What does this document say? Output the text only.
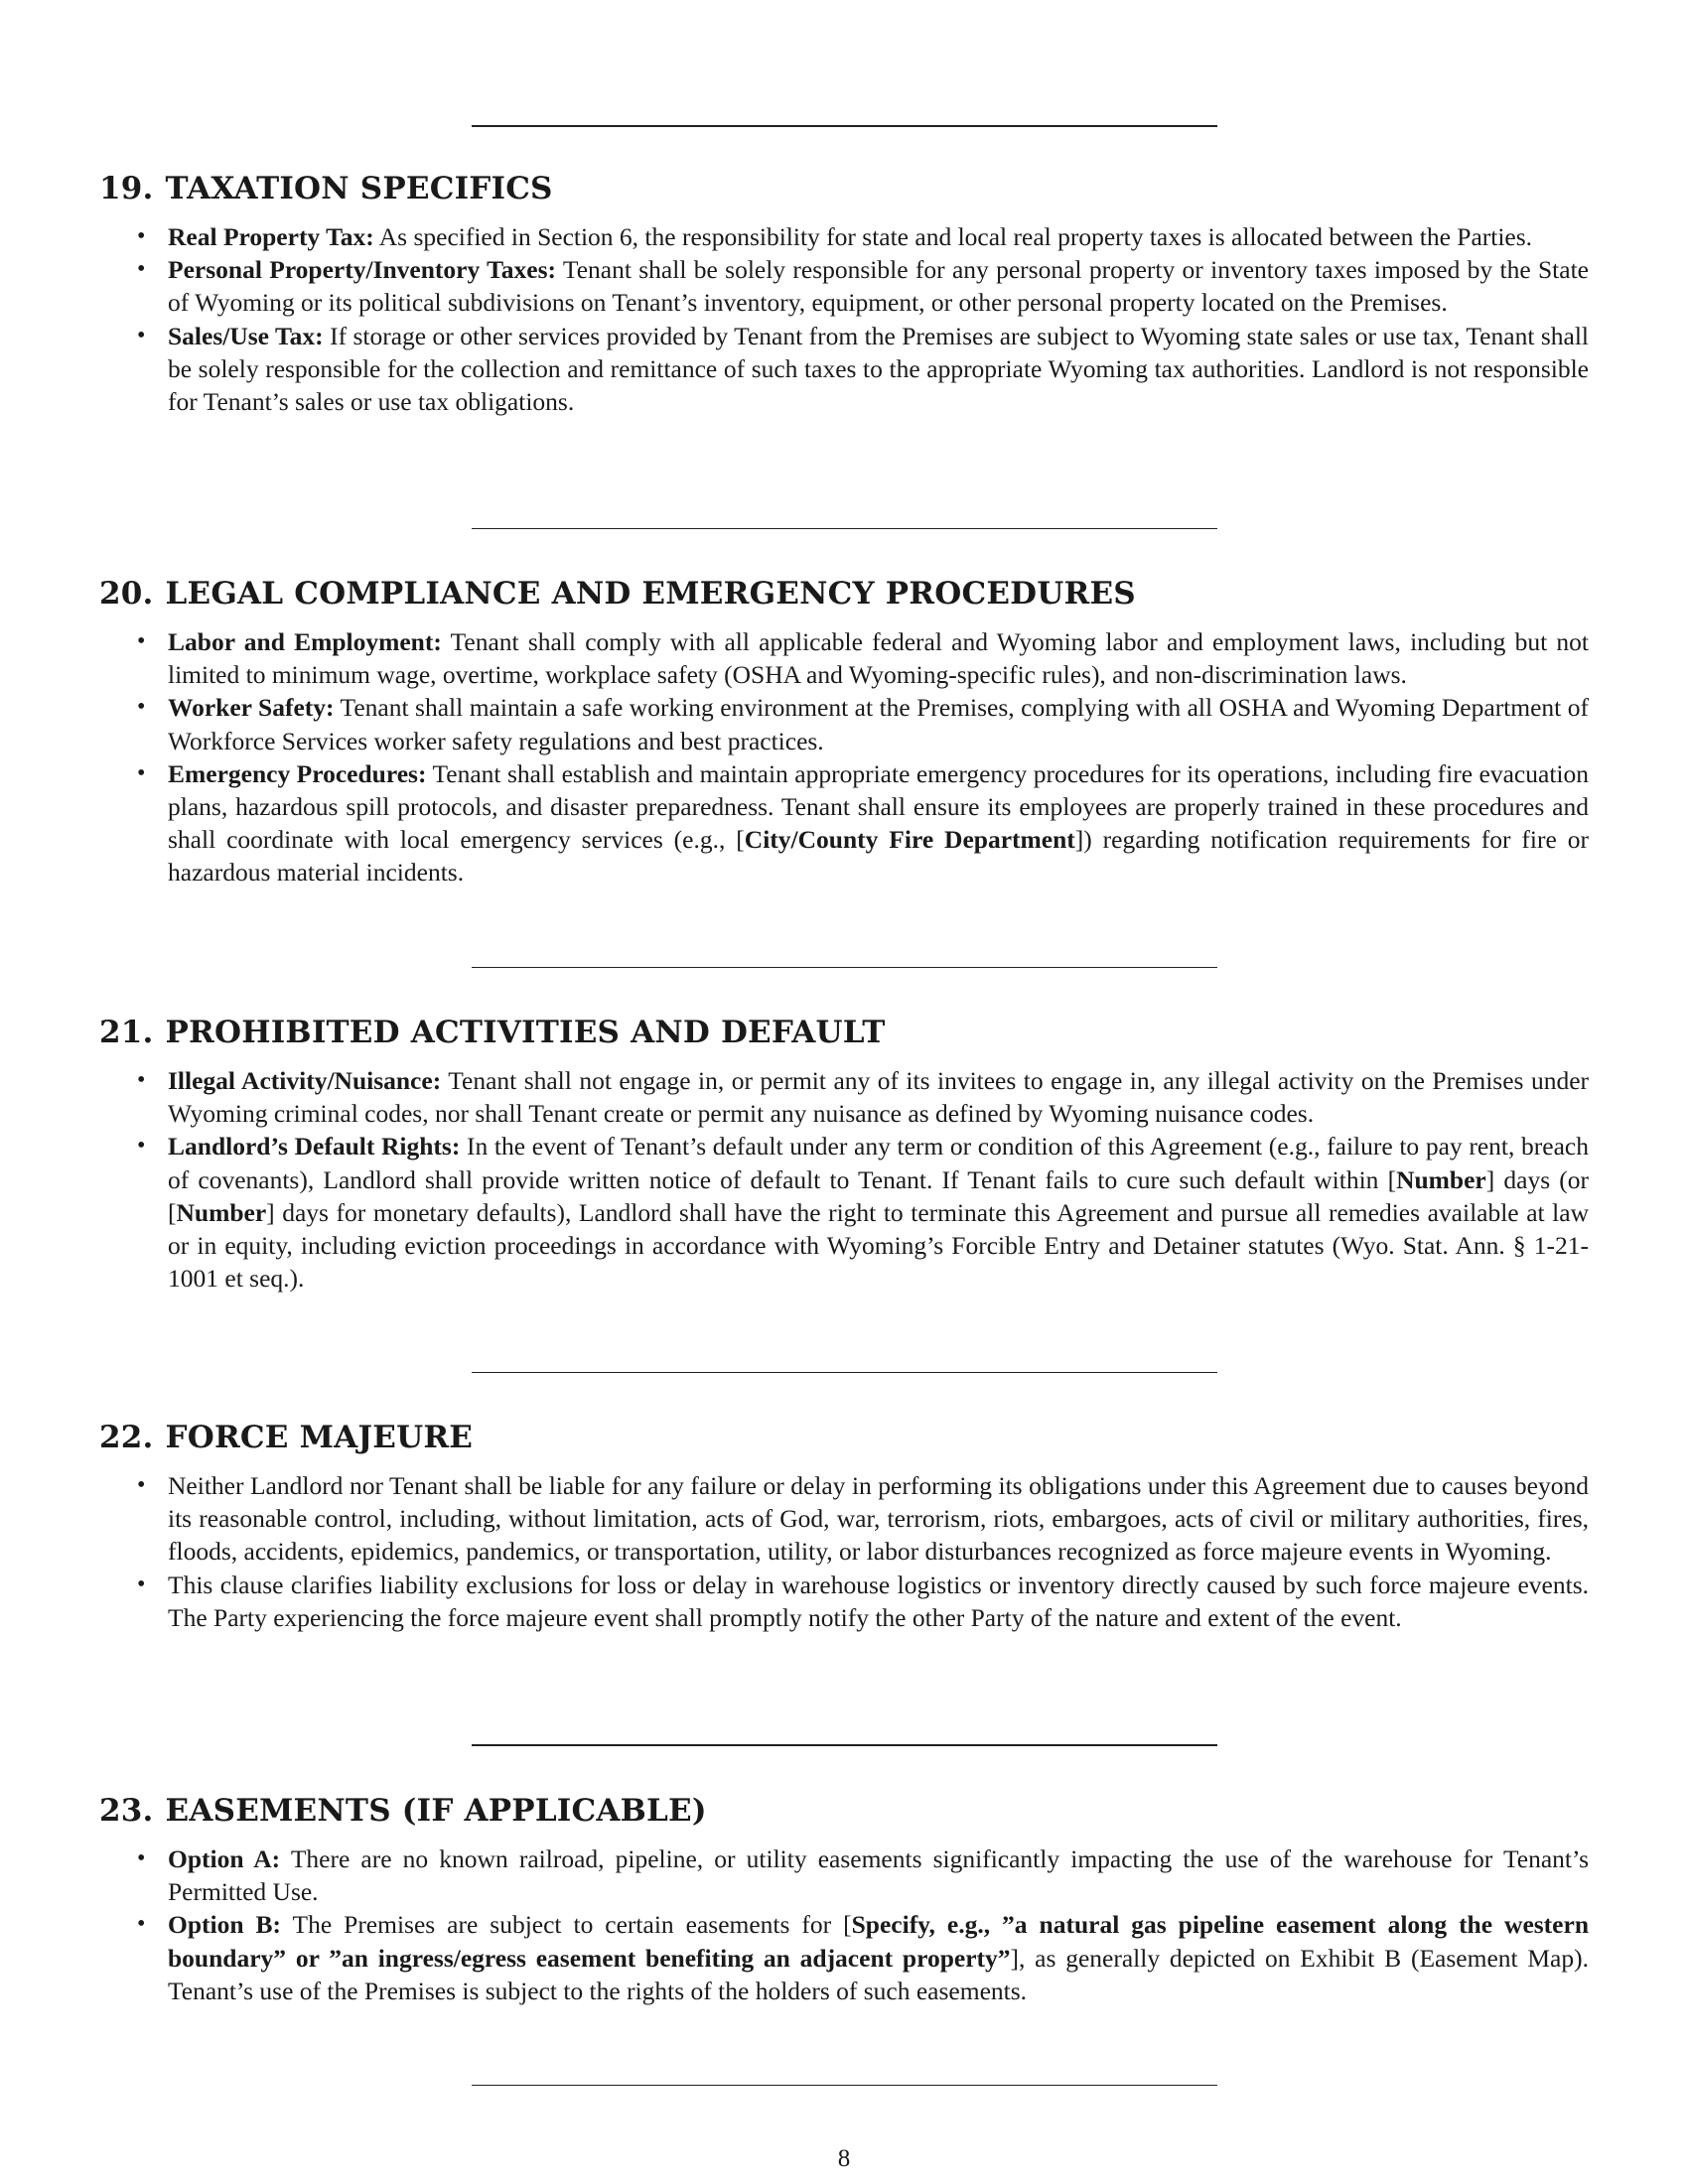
19. TAXATION SPECIFICS
• Real Property Tax: As specified in Section 6, the responsibility for state and local real property taxes is allocated between the Parties.
• Personal Property/Inventory Taxes: Tenant shall be solely responsible for any personal property or inventory taxes imposed by the State of Wyoming or its political subdivisions on Tenant’s inventory, equipment, or other personal property located on the Premises.
• Sales/Use Tax: If storage or other services provided by Tenant from the Premises are subject to Wyoming state sales or use tax, Tenant shall be solely responsible for the collection and remittance of such taxes to the appropriate Wyoming tax authorities. Landlord is not responsible for Tenant’s sales or use tax obligations.
20. LEGAL COMPLIANCE AND EMERGENCY PROCEDURES
• Labor and Employment: Tenant shall comply with all applicable federal and Wyoming labor and employment laws, including but not limited to minimum wage, overtime, workplace safety (OSHA and Wyoming-specific rules), and non-discrimination laws.
• Worker Safety: Tenant shall maintain a safe working environment at the Premises, complying with all OSHA and Wyoming Department of Workforce Services worker safety regulations and best practices.
• Emergency Procedures: Tenant shall establish and maintain appropriate emergency procedures for its operations, including fire evacuation plans, hazardous spill protocols, and disaster preparedness. Tenant shall ensure its employees are properly trained in these procedures and shall coordinate with local emergency services (e.g., [City/County Fire Department]) regarding notification requirements for fire or hazardous material incidents.
21. PROHIBITED ACTIVITIES AND DEFAULT
• Illegal Activity/Nuisance: Tenant shall not engage in, or permit any of its invitees to engage in, any illegal activity on the Premises under Wyoming criminal codes, nor shall Tenant create or permit any nuisance as defined by Wyoming nuisance codes.
• Landlord’s Default Rights: In the event of Tenant’s default under any term or condition of this Agreement (e.g., failure to pay rent, breach of covenants), Landlord shall provide written notice of default to Tenant. If Tenant fails to cure such default within [Number] days (or [Number] days for monetary defaults), Landlord shall have the right to terminate this Agreement and pursue all remedies available at law or in equity, including eviction proceedings in accordance with Wyoming’s Forcible Entry and Detainer statutes (Wyo. Stat. Ann. § 1-21-1001 et seq.).
22. FORCE MAJEURE
• Neither Landlord nor Tenant shall be liable for any failure or delay in performing its obligations under this Agreement due to causes beyond its reasonable control, including, without limitation, acts of God, war, terrorism, riots, embargoes, acts of civil or military authorities, fires, floods, accidents, epidemics, pandemics, or transportation, utility, or labor disturbances recognized as force majeure events in Wyoming.
• This clause clarifies liability exclusions for loss or delay in warehouse logistics or inventory directly caused by such force majeure events. The Party experiencing the force majeure event shall promptly notify the other Party of the nature and extent of the event.
23. EASEMENTS (IF APPLICABLE)
• Option A: There are no known railroad, pipeline, or utility easements significantly impacting the use of the warehouse for Tenant’s Permitted Use.
• Option B: The Premises are subject to certain easements for [Specify, e.g., ”a natural gas pipeline easement along the western boundary” or ”an ingress/egress easement benefiting an adjacent property”], as generally depicted on Exhibit B (Easement Map). Tenant’s use of the Premises is subject to the rights of the holders of such easements.
8
